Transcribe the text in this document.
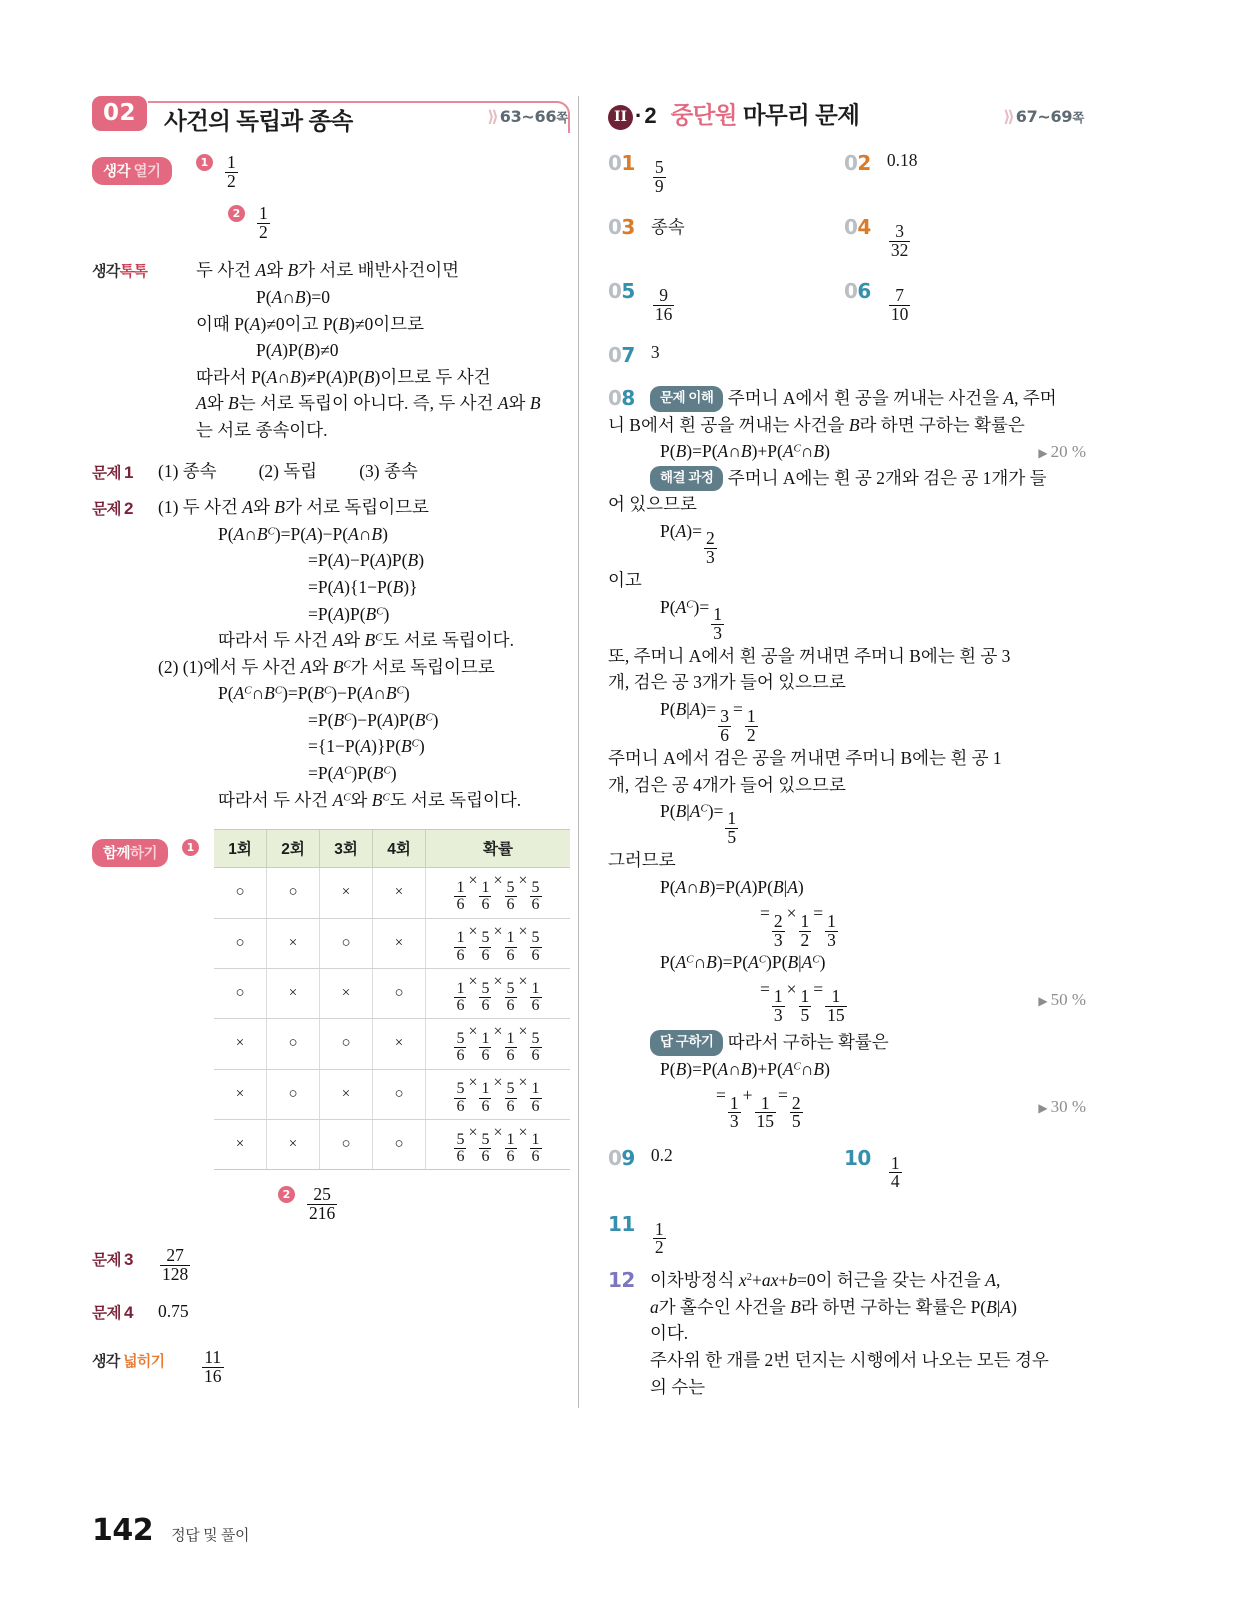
02	사건의 독립과 종속	⟫ 63~66쪽
생각 열기
$1 \frac{1}{2}$
$2 \frac{1}{2}$
생각톡톡	두 사건 A와 B가 서로 배반사건이면
P(A∩B)=0
이때 P(A)≠0이고 P(B)≠0이므로
P(A)P(B)≠0
따라서 P(A∩B)≠P(A)P(B)이므로 두 사건
A와 B는 서로 독립이 아니다. 즉, 두 사건 A와 B
는 서로 종속이다.
문제 1	(1) 종속 (2) 독립 (3) 종속
문제 2	(1) 두 사건 A와 B가 서로 독립이므로
$P(A\cap B^C)=P(A)-P(A\cap B)$
=P(A)−P(A)P(B)
=P(A){1−P(B)}
$=P(A)P(B^C)$
따라서 두 사건 A와 $B^C$도 서로 독립이다.
(2) (1)에서 두 사건 A와 $B^C$가 서로 독립이므로
$P(A^C\cap B^C)=P(B^C)-P(A\cap B^C)$
$=P(B^C)-P(A)P(B^C)$
$=\{1-P(A)\}P(B^C)$
$=P(A^C)P(B^C)$
따라서 두 사건 $A^C$와 $B^C$도 서로 독립이다.
함께하기	1	1회	2회	3회	4회	확률
○	○	×	×	$\frac{1}{6} \times \frac{1}{6} \times \frac{5}{6} \times \frac{5}{6}$

○	×	○	×	$\frac{1}{6} \times \frac{5}{6} \times \frac{1}{6} \times \frac{5}{6}$

○	×	×	○	$\frac{1}{6} \times \frac{5}{6} \times \frac{5}{6} \times \frac{1}{6}$

×	○	○	×	$\frac{5}{6} \times \frac{1}{6} \times \frac{1}{6} \times \frac{5}{6}$

×	○	×	○	$\frac{5}{6} \times \frac{1}{6} \times \frac{5}{6} \times \frac{1}{6}$

×	×	○	○	$\frac{5}{6} \times \frac{5}{6} \times \frac{1}{6} \times \frac{1}{6}$
$2 \frac{25}{216}$
문제 3	$\frac{27}{128}$
문제 4	0.75
생각 넓히기	$\frac{11}{16}$
II ·2 중단원 마무리 문제	⟫ 67~69쪽
$01 \frac{5}{9}$	02 0.18
03 종속	$04 \frac{3}{32}$
$05 \frac{9}{16}$	$06 \frac{7}{10}$
07 3
08	문제 이해 주머니 A에서 흰 공을 꺼내는 사건을 A, 주머
니 B에서 흰 공을 꺼내는 사건을 B라 하면 구하는 확률은
$P(B)=P(A\cap B)+P(A^C\cap B)$	▶ 20 %
해결 과정 주머니 A에는 흰 공 2개와 검은 공 1개가 들
어 있으므로
$P(A)= \frac{2}{3}$
이고
$P(A^C)= \frac{1}{3}$
또, 주머니 A에서 흰 공을 꺼내면 주머니 B에는 흰 공 3
개, 검은 공 3개가 들어 있으므로
$P(B|A)= \frac{3}{6} = \frac{1}{2}$
주머니 A에서 검은 공을 꺼내면 주머니 B에는 흰 공 1
개, 검은 공 4개가 들어 있으므로
$P(B|A^C)= \frac{1}{5}$
그러므로
P(A∩B)=P(A)P(B|A)
= $\frac{2}{3} \times \frac{1}{2} = \frac{1}{3}$
$P(A^C\cap B)=P(A^C)P(B|A^C)$
= $\frac{1}{3} \times \frac{1}{5} = \frac{1}{15}$	▶ 50 %
답 구하기 따라서 구하는 확률은
$P(B)=P(A\cap B)+P(A^C\cap B)$
= $\frac{1}{3} + \frac{1}{15} = \frac{2}{5}$	▶ 30 %
09 0.2	$10 \frac{1}{4}$
$11 \frac{1}{2}$
12 이차방정식 $x^2+ax+b=0$이 허근을 갖는 사건을 A,
a가 홀수인 사건을 B라 하면 구하는 확률은 P(B|A)
이다.
주사위 한 개를 2번 던지는 시행에서 나오는 모든 경우
의 수는
142 정답 및 풀이
